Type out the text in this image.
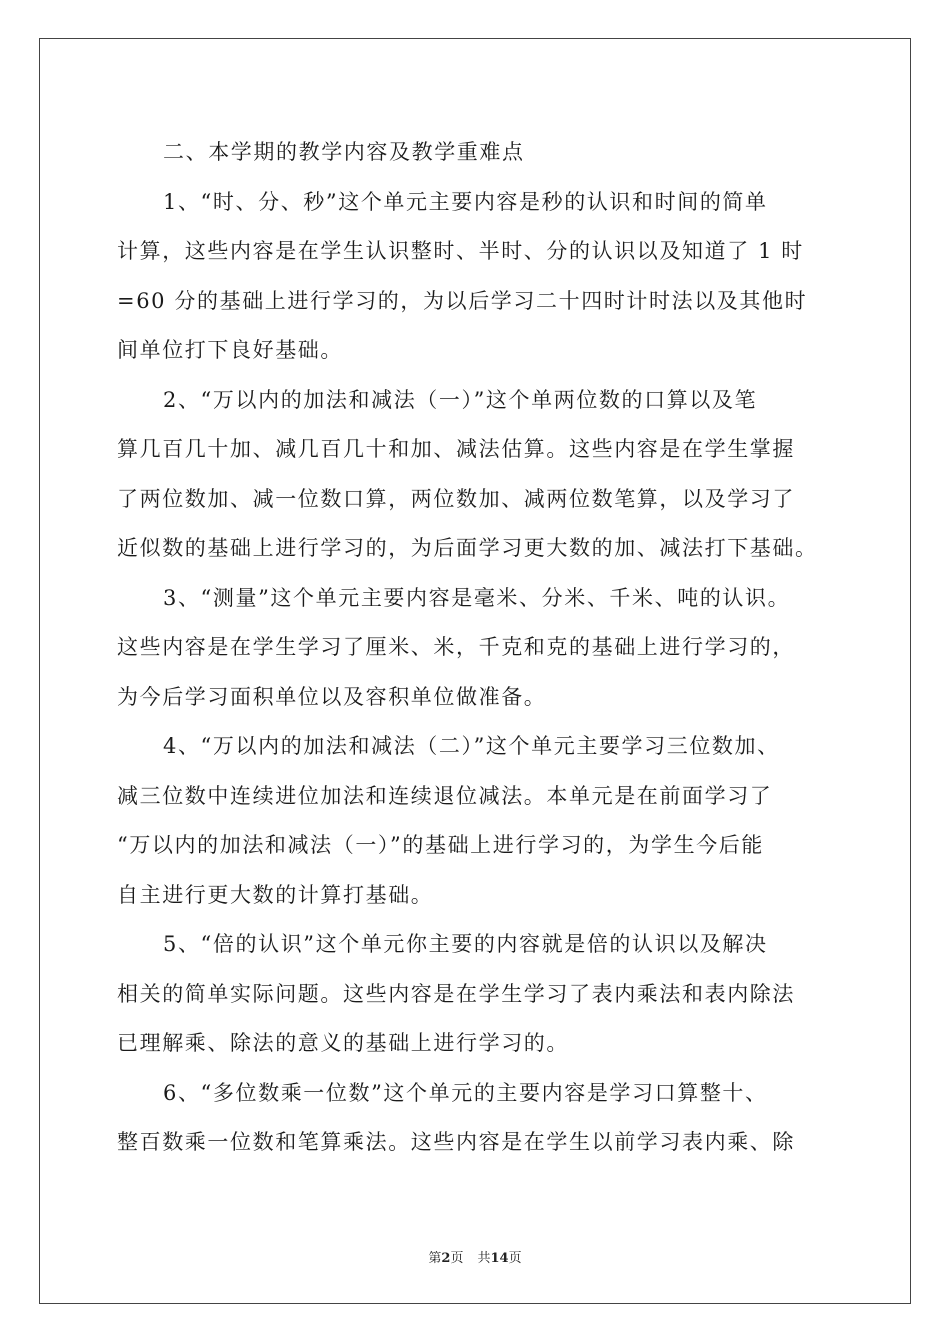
二、本学期的教学内容及教学重难点
1、“时、分、秒”这个单元主要内容是秒的认识和时间的简单
计算，这些内容是在学生认识整时、半时、分的认识以及知道了 1 时
=60 分的基础上进行学习的，为以后学习二十四时计时法以及其他时
间单位打下良好基础。
2、“万以内的加法和减法（一）”这个单两位数的口算以及笔
算几百几十加、减几百几十和加、减法估算。这些内容是在学生掌握
了两位数加、减一位数口算，两位数加、减两位数笔算，以及学习了
近似数的基础上进行学习的，为后面学习更大数的加、减法打下基础。
3、“测量”这个单元主要内容是毫米、分米、千米、吨的认识。
这些内容是在学生学习了厘米、米，千克和克的基础上进行学习的，
为今后学习面积单位以及容积单位做准备。
4、“万以内的加法和减法（二）”这个单元主要学习三位数加、
减三位数中连续进位加法和连续退位减法。本单元是在前面学习了
“万以内的加法和减法（一）”的基础上进行学习的，为学生今后能
自主进行更大数的计算打基础。
5、“倍的认识”这个单元你主要的内容就是倍的认识以及解决
相关的简单实际问题。这些内容是在学生学习了表内乘法和表内除法
已理解乘、除法的意义的基础上进行学习的。
6、“多位数乘一位数”这个单元的主要内容是学习口算整十、
整百数乘一位数和笔算乘法。这些内容是在学生以前学习表内乘、除
第2页 共14页
